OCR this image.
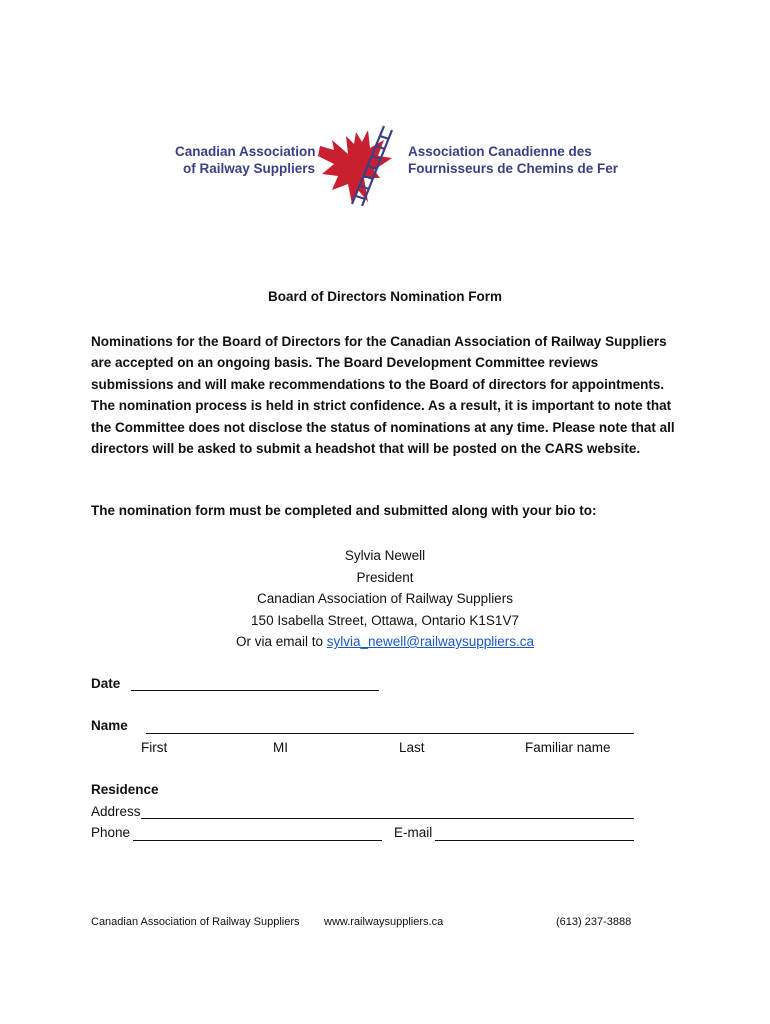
Canadian Association
of Railway Suppliers
Association Canadienne des
Fournisseurs de Chemins de Fer
Board of Directors Nomination Form
Nominations for the Board of Directors for the Canadian Association of Railway Suppliers are accepted on an ongoing basis. The Board Development Committee reviews submissions and will make recommendations to the Board of directors for appointments. The nomination process is held in strict confidence. As a result, it is important to note that the Committee does not disclose the status of nominations at any time. Please note that all directors will be asked to submit a headshot that will be posted on the CARS website.
The nomination form must be completed and submitted along with your bio to:
Sylvia Newell
President
Canadian Association of Railway Suppliers
150 Isabella Street, Ottawa, Ontario K1S1V7
Or via email to sylvia_newell@railwaysuppliers.ca
Date
Name
First	MI	Last	Familiar name
Residence
Address
Phone	E-mail
Canadian Association of Railway Suppliers www.railwaysuppliers.ca	(613) 237-3888
